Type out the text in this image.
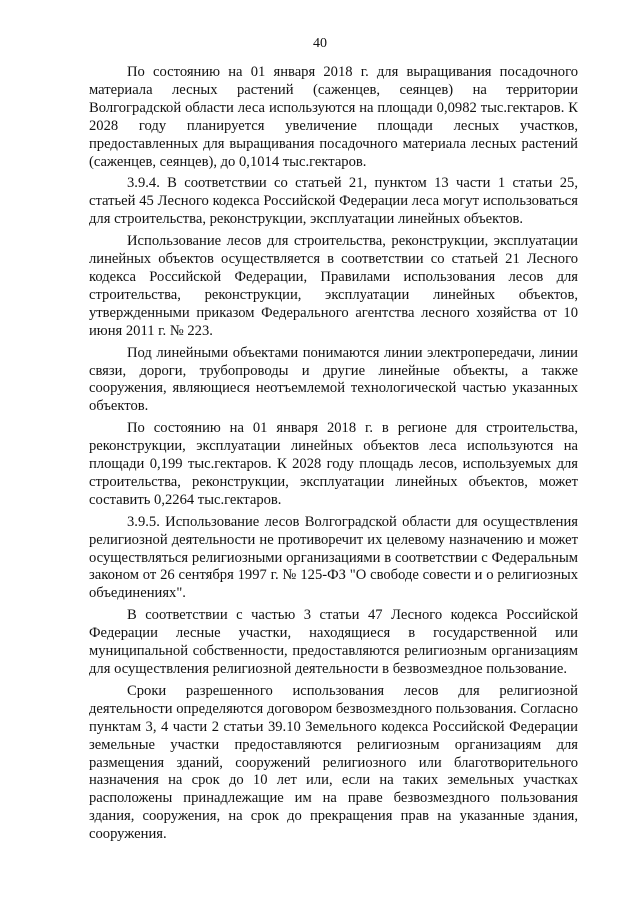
40

По состоянию на 01 января 2018 г. для выращивания посадочного материала лесных растений (саженцев, сеянцев) на территории Волгоградской области леса используются на площади 0,0982 тыс.гектаров. К 2028 году планируется увеличение площади лесных участков, предоставленных для выращивания посадочного материала лесных растений (саженцев, сеянцев), до 0,1014 тыс.гектаров.

3.9.4. В соответствии со статьей 21, пунктом 13 части 1 статьи 25, статьей 45 Лесного кодекса Российской Федерации леса могут использоваться для строительства, реконструкции, эксплуатации линейных объектов.

Использование лесов для строительства, реконструкции, эксплуатации линейных объектов осуществляется в соответствии со статьей 21 Лесного кодекса Российской Федерации, Правилами использования лесов для строительства, реконструкции, эксплуатации линейных объектов, утвержденными приказом Федерального агентства лесного хозяйства от 10 июня 2011 г. № 223.

Под линейными объектами понимаются линии электропередачи, линии связи, дороги, трубопроводы и другие линейные объекты, а также сооружения, являющиеся неотъемлемой технологической частью указанных объектов.

По состоянию на 01 января 2018 г. в регионе для строительства, реконструкции, эксплуатации линейных объектов леса используются на площади 0,199 тыс.гектаров. К 2028 году площадь лесов, используемых для строительства, реконструкции, эксплуатации линейных объектов, может составить 0,2264 тыс.гектаров.

3.9.5. Использование лесов Волгоградской области для осуществления религиозной деятельности не противоречит их целевому назначению и может осуществляться религиозными организациями в соответствии с Федеральным законом от 26 сентября 1997 г. № 125-ФЗ "О свободе совести и о религиозных объединениях".

В соответствии с частью 3 статьи 47 Лесного кодекса Российской Федерации лесные участки, находящиеся в государственной или муниципальной собственности, предоставляются религиозным организациям для осуществления религиозной деятельности в безвозмездное пользование.

Сроки разрешенного использования лесов для религиозной деятельности определяются договором безвозмездного пользования. Согласно пунктам 3, 4 части 2 статьи 39.10 Земельного кодекса Российской Федерации земельные участки предоставляются религиозным организациям для размещения зданий, сооружений религиозного или благотворительного назначения на срок до 10 лет или, если на таких земельных участках расположены принадлежащие им на праве безвозмездного пользования здания, сооружения, на срок до прекращения прав на указанные здания, сооружения.
